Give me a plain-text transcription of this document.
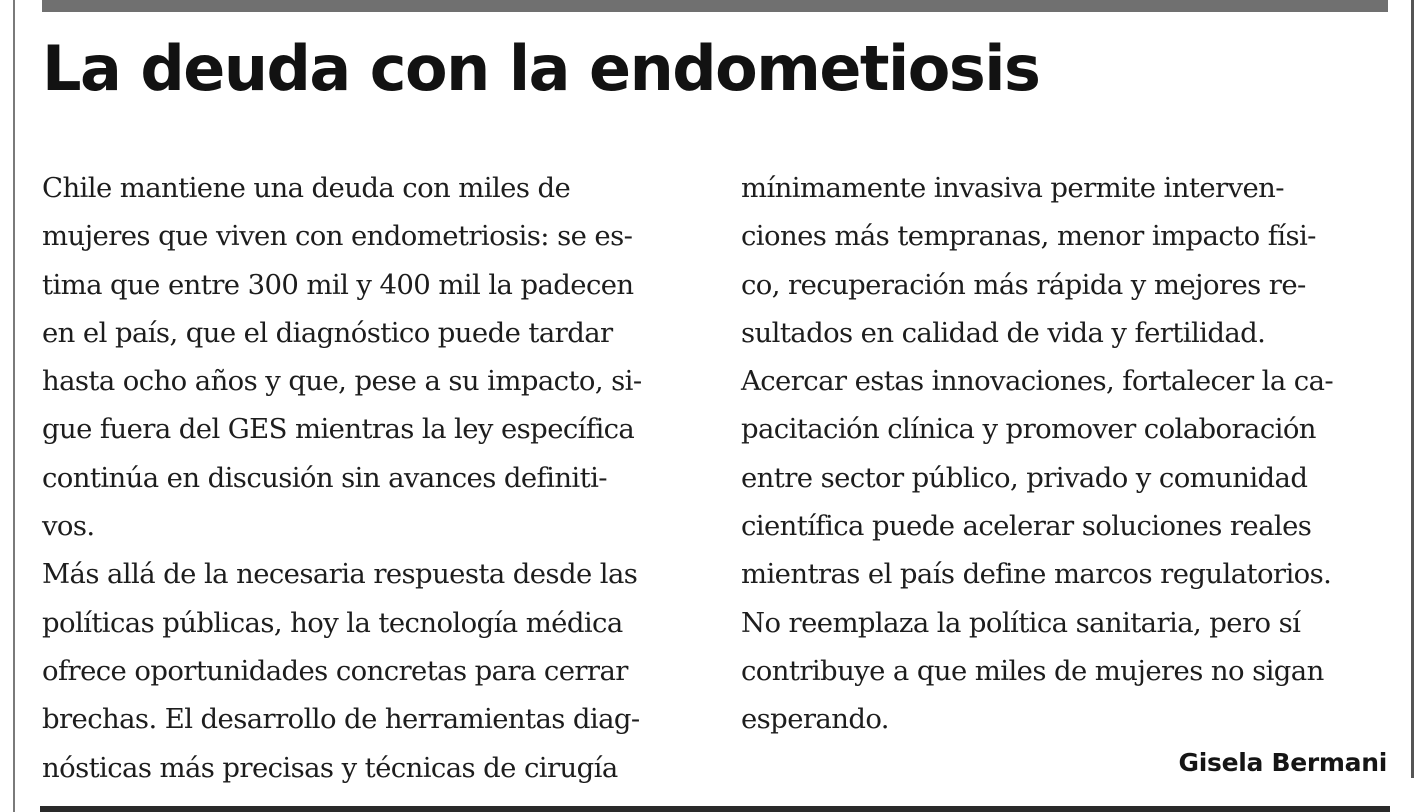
La deuda con la endometiosis
Chile mantiene una deuda con miles de
mujeres que viven con endometriosis: se es-
tima que entre 300 mil y 400 mil la padecen
en el país, que el diagnóstico puede tardar
hasta ocho años y que, pese a su impacto, si-
gue fuera del GES mientras la ley específica
continúa en discusión sin avances definiti-
vos.
Más allá de la necesaria respuesta desde las
políticas públicas, hoy la tecnología médica
ofrece oportunidades concretas para cerrar
brechas. El desarrollo de herramientas diag-
nósticas más precisas y técnicas de cirugía
mínimamente invasiva permite interven-
ciones más tempranas, menor impacto físi-
co, recuperación más rápida y mejores re-
sultados en calidad de vida y fertilidad.
Acercar estas innovaciones, fortalecer la ca-
pacitación clínica y promover colaboración
entre sector público, privado y comunidad
científica puede acelerar soluciones reales
mientras el país define marcos regulatorios.
No reemplaza la política sanitaria, pero sí
contribuye a que miles de mujeres no sigan
esperando.
Gisela Bermani
